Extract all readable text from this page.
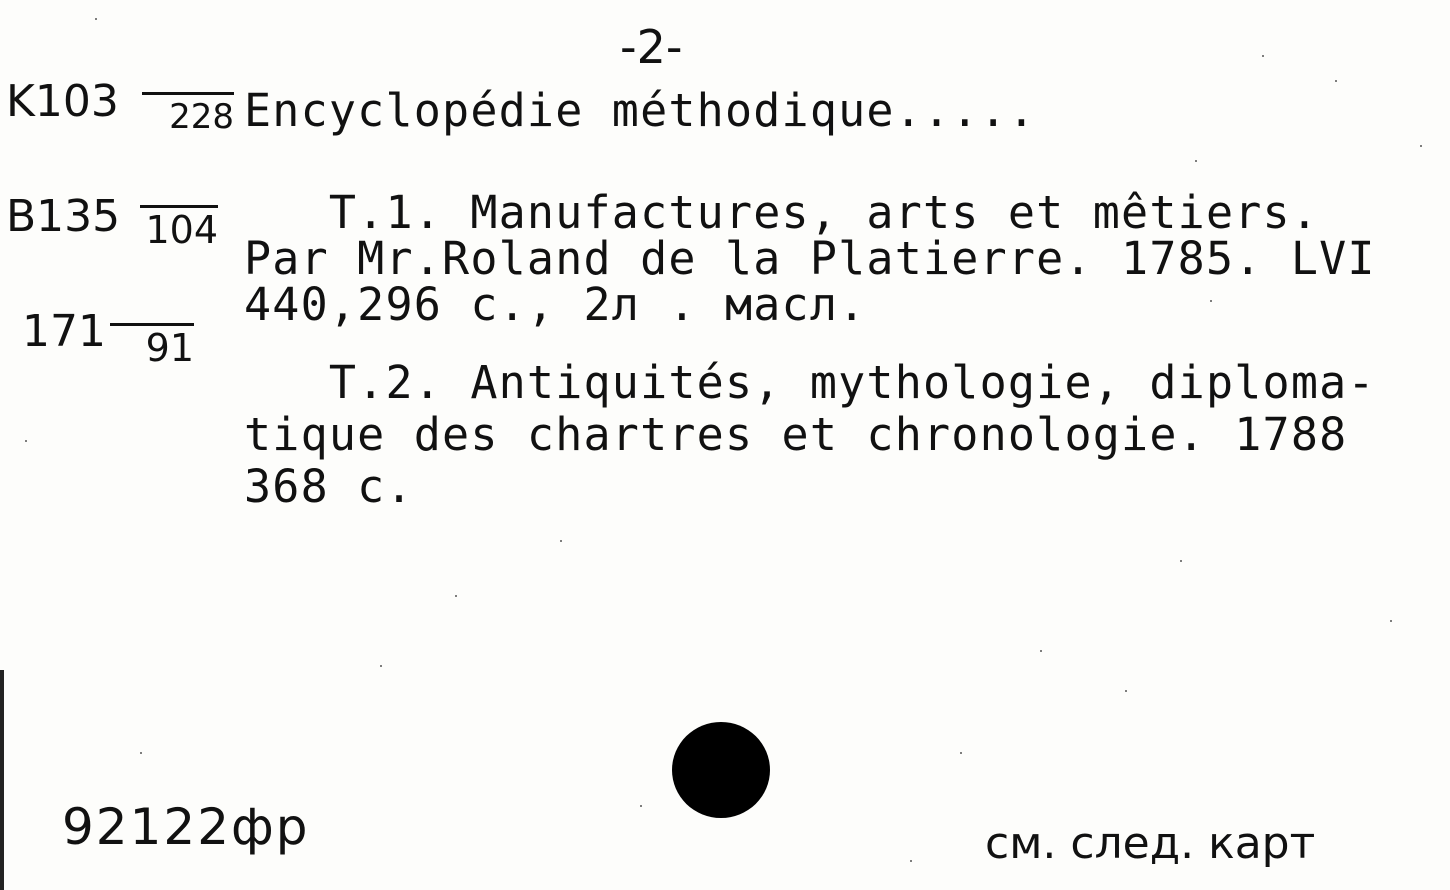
-2-
K103	228
B135 104
171	91
Encyclopédie méthodique.....
T.1. Manufactures, arts et mêtiers.
Par Mr.Roland de la Platierre. 1785. LVI
440,296 c., 2л . масл.
T.2. Antiquités, mythologie, diploma-
tique des chartres et chronologie. 1788
368 c.
92122фр	см. след. карт
